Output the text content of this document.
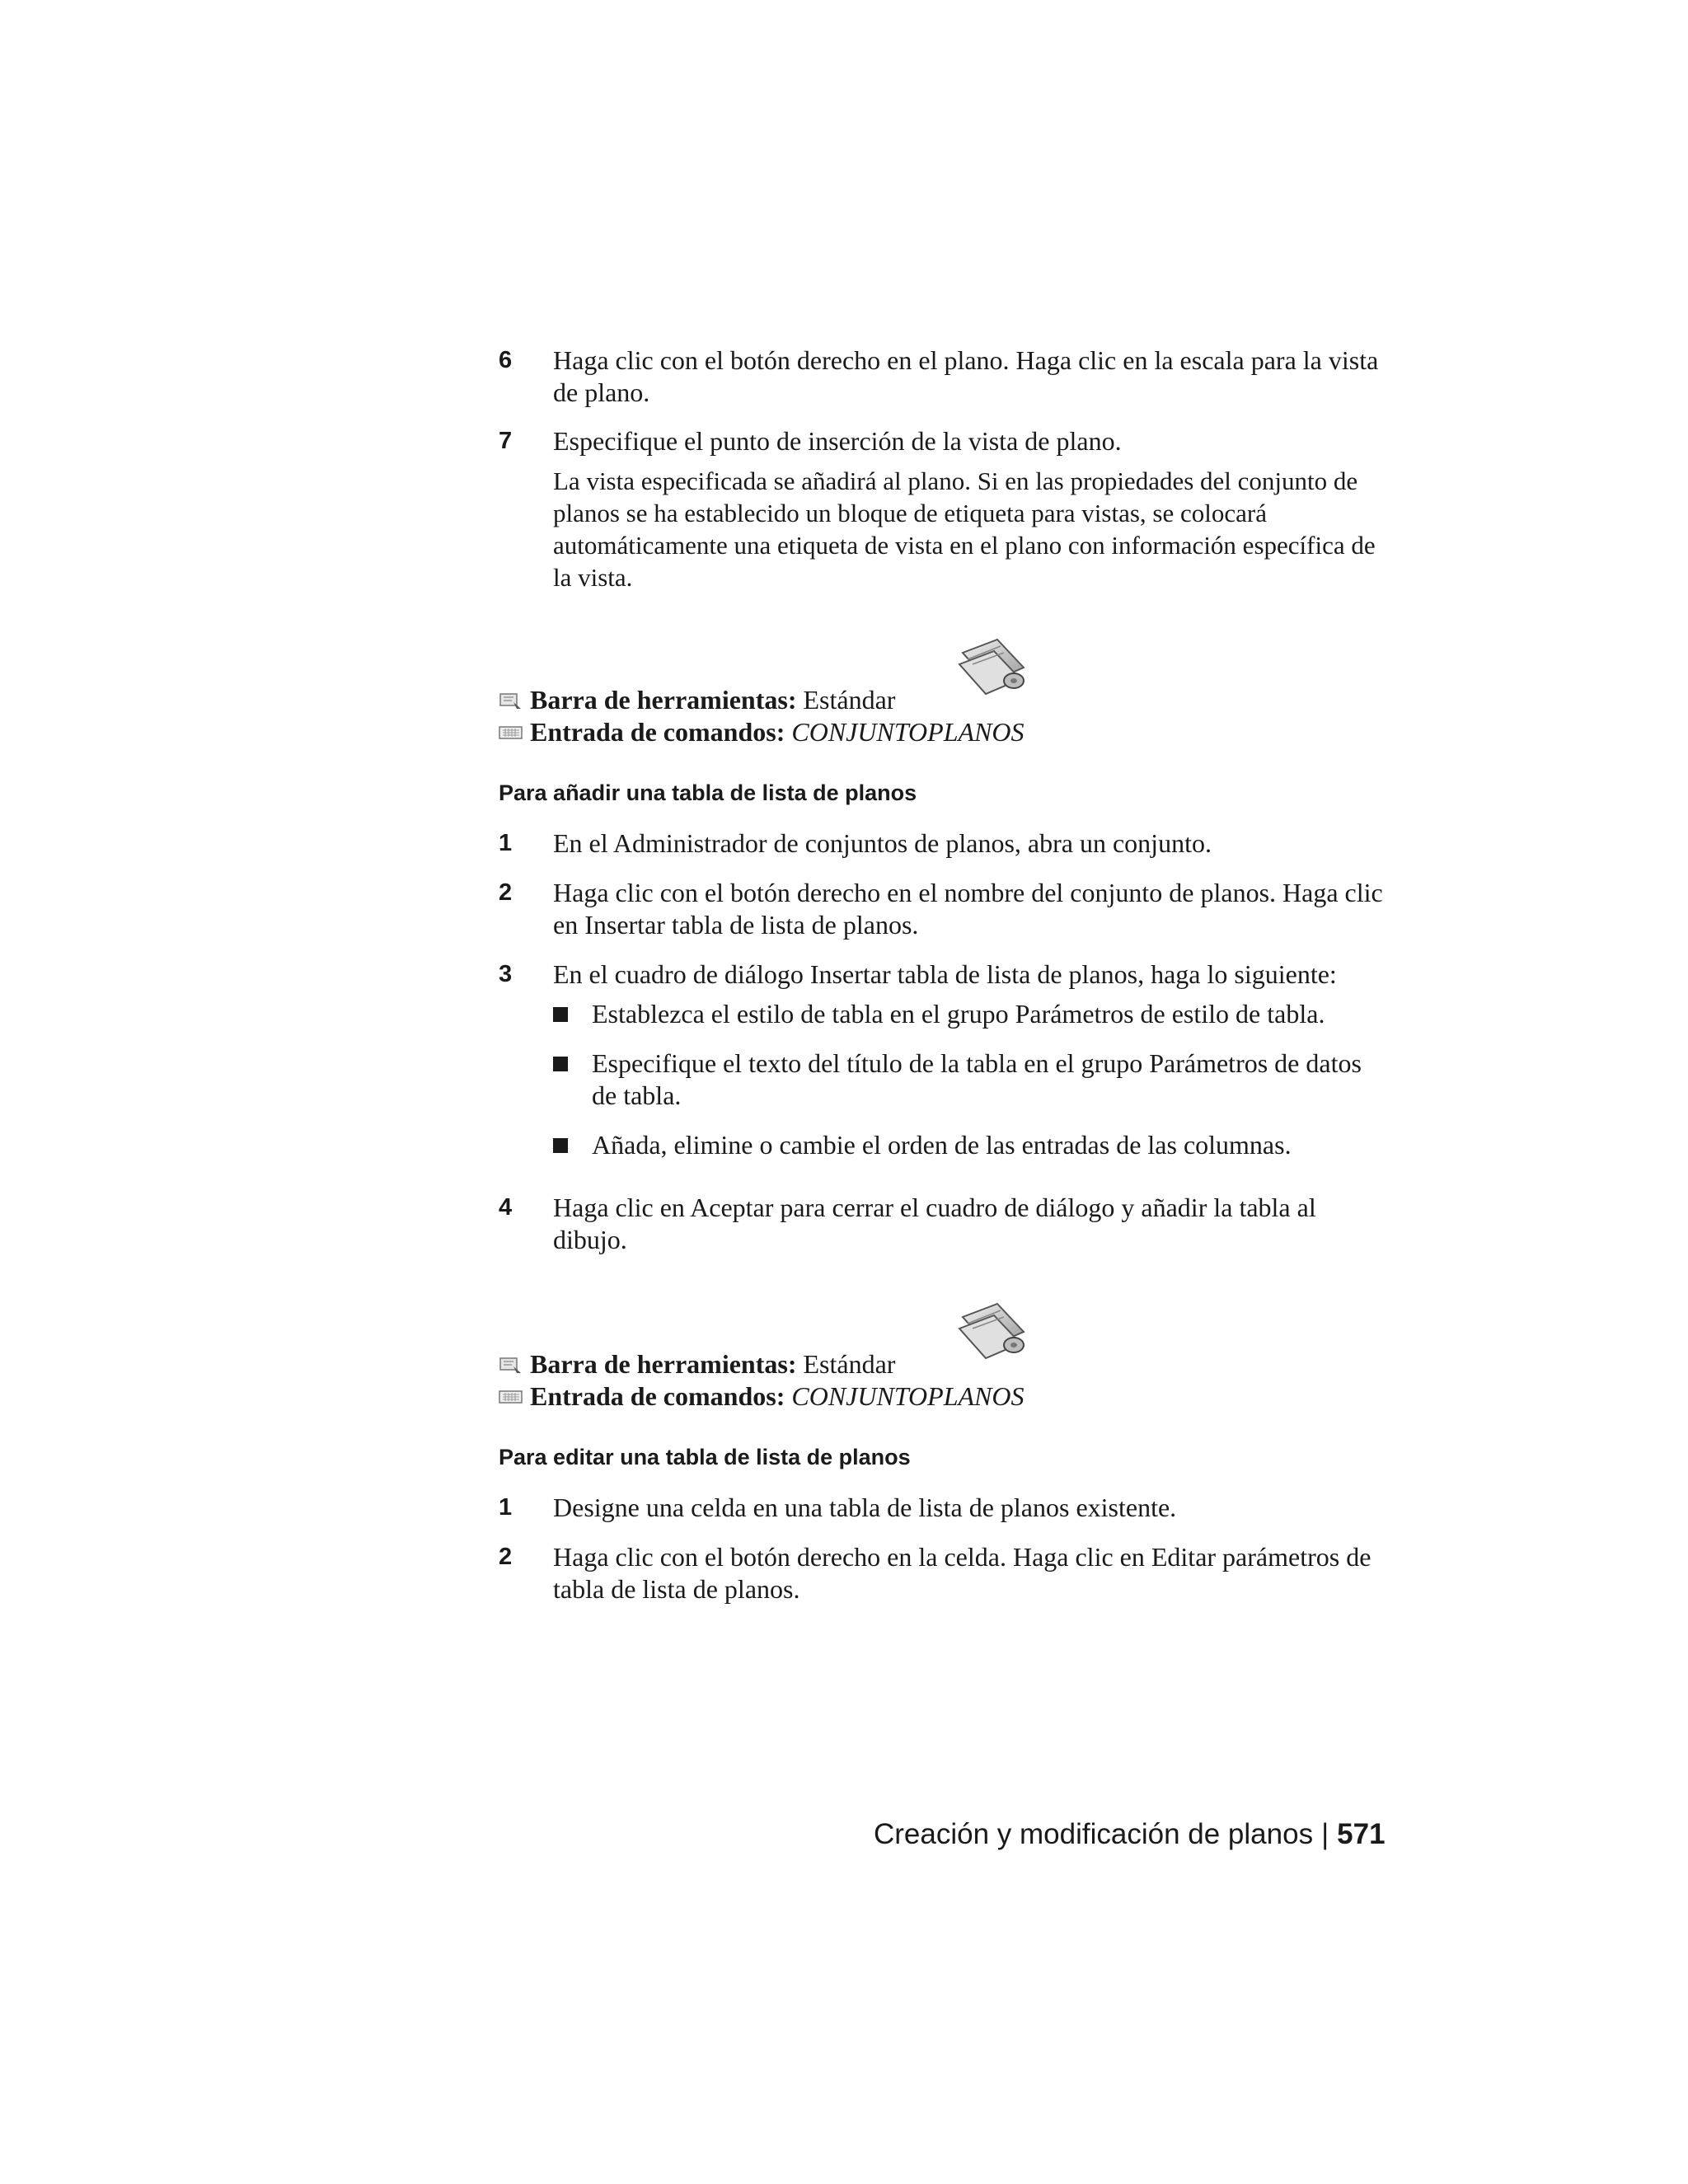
6	Haga clic con el botón derecho en el plano. Haga clic en la escala para la vista de plano.
7	Especifique el punto de inserción de la vista de plano.
La vista especificada se añadirá al plano. Si en las propiedades del conjunto de planos se ha establecido un bloque de etiqueta para vistas, se colocará automáticamente una etiqueta de vista en el plano con información específica de la vista.
Barra de herramientas: Estándar
Entrada de comandos: CONJUNTOPLANOS
Para añadir una tabla de lista de planos
1	En el Administrador de conjuntos de planos, abra un conjunto.
2	Haga clic con el botón derecho en el nombre del conjunto de planos. Haga clic en Insertar tabla de lista de planos.
3	En el cuadro de diálogo Insertar tabla de lista de planos, haga lo siguiente:
Establezca el estilo de tabla en el grupo Parámetros de estilo de tabla.
Especifique el texto del título de la tabla en el grupo Parámetros de datos de tabla.
Añada, elimine o cambie el orden de las entradas de las columnas.
4	Haga clic en Aceptar para cerrar el cuadro de diálogo y añadir la tabla al dibujo.
Barra de herramientas: Estándar
Entrada de comandos: CONJUNTOPLANOS
Para editar una tabla de lista de planos
1	Designe una celda en una tabla de lista de planos existente.
2	Haga clic con el botón derecho en la celda. Haga clic en Editar parámetros de tabla de lista de planos.
Creación y modificación de planos | 571
